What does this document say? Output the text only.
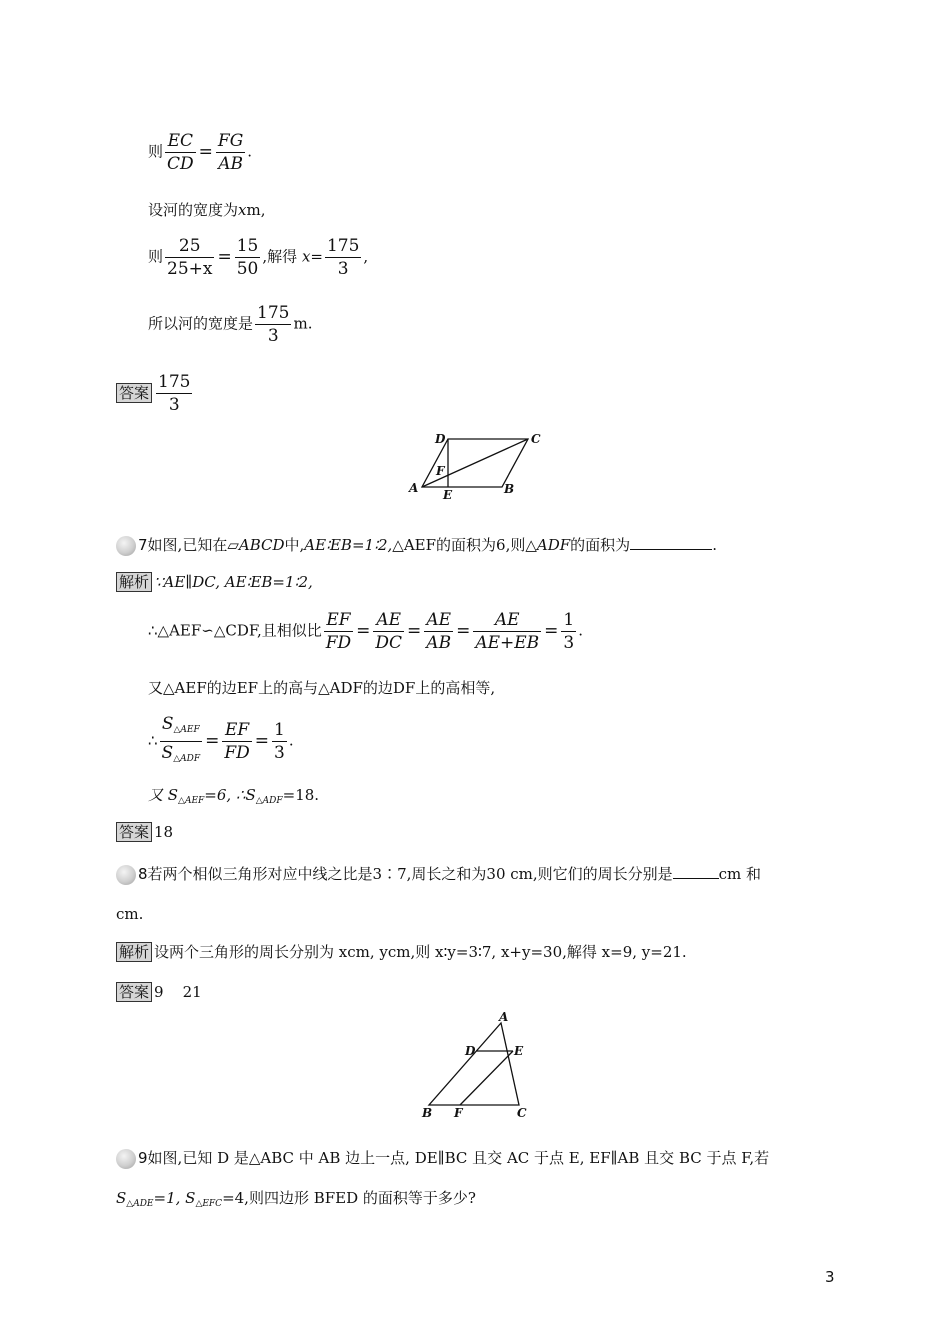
则 $\frac{EC}{CD} = \frac{FG}{AB}$ .
设河的宽度为xm,
则 $\frac{25}{25+x} = \frac{15}{50}$ ,解得 $x= \frac{175}{3}$ ,
所以河的宽度是 $\frac{175}{3} m$.
答案 $\frac{175}{3}$
D	C
F
A E	B
7如图,已知在▱ABCD中,AE∶EB=1∶2,△AEF的面积为6,则△ADF的面积为	.
解析 ∵AE∥DC, AE∶EB=1∶2,
∴△AEF∽△CDF,且相似比 $\frac{EF}{FD} = \frac{AE}{DC} = \frac{AE}{AB} = \frac{AE}{AE+EB} = \frac{1}{3}$ .
又△AEF的边EF上的高与△ADF的边DF上的高相等,
∴ $\frac{S_{\triangle AEF}}{S_{\triangle ADF}} = \frac{EF}{FD} = \frac{1}{3}$ .
又 $S_{\triangle AEF}=6$, $\therefore S_{\triangle ADF}=18$.
答案 18
8若两个相似三角形对应中线之比是3∶7,周长之和为30 cm,则它们的周长分别是	cm 和
cm.
解析 设两个三角形的周长分别为 xcm, ycm,则 x∶y=3∶7, x+y=30,解得 x=9, y=21.
答案 9    21
A
D	E
B F	C
9如图,已知 D 是△ABC 中 AB 边上一点, DE∥BC 且交 AC 于点 E, EF∥AB 且交 BC 于点 F,若
$S_{\triangle ADE}=1$, $S_{\triangle EFC}=4$,则四边形 BFED 的面积等于多少?
3
